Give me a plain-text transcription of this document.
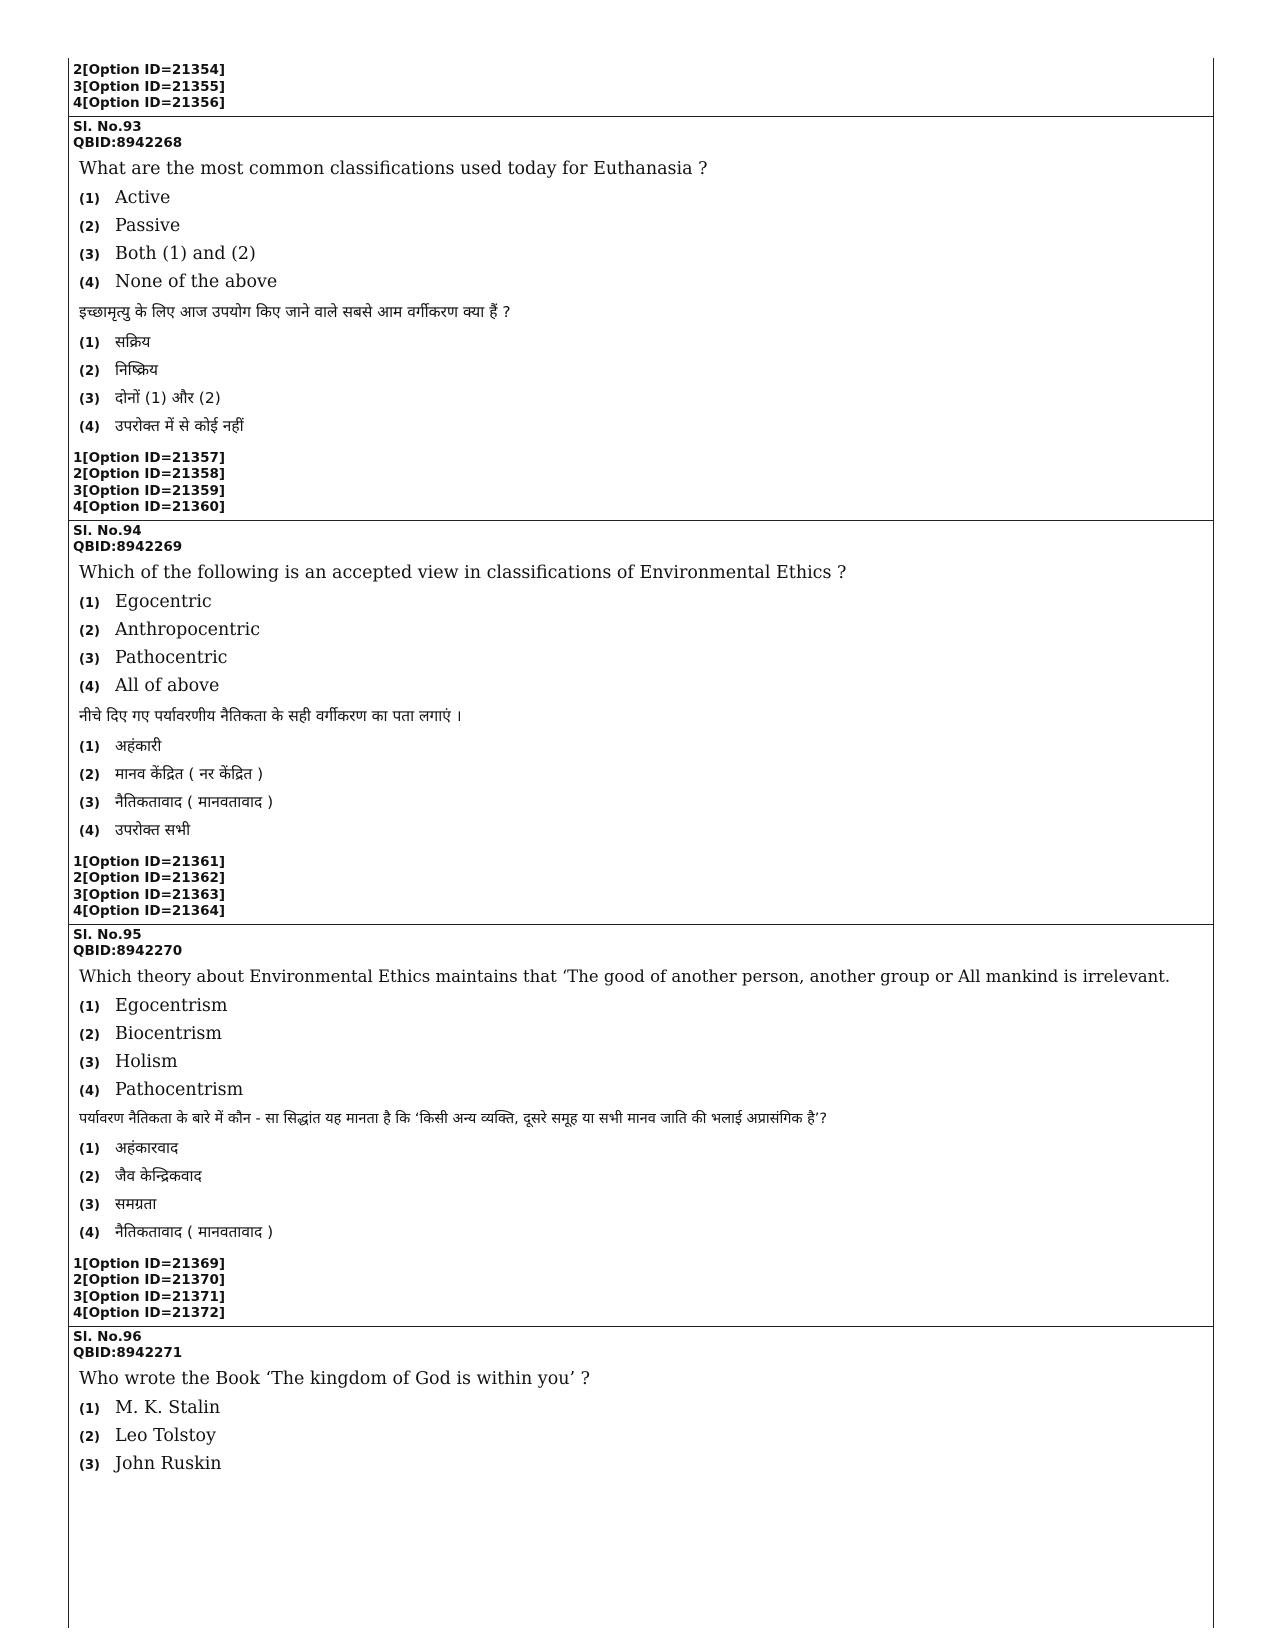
2[Option ID=21354]
3[Option ID=21355]
4[Option ID=21356]
Sl. No.93
QBID:8942268
What are the most common classifications used today for Euthanasia ?
(1) Active
(2) Passive
(3) Both (1) and (2)
(4) None of the above
इच्छामृत्यु के लिए आज उपयोग किए जाने वाले सबसे आम वर्गीकरण क्या हैं ?
(1) सक्रिय
(2) निष्क्रिय
(3) दोनों (1) और (2)
(4) उपरोक्त में से कोई नहीं
1[Option ID=21357]
2[Option ID=21358]
3[Option ID=21359]
4[Option ID=21360]
Sl. No.94
QBID:8942269
Which of the following is an accepted view in classifications of Environmental Ethics ?
(1) Egocentric
(2) Anthropocentric
(3) Pathocentric
(4) All of above
नीचे दिए गए पर्यावरणीय नैतिकता के सही वर्गीकरण का पता लगाएं ।
(1) अहंकारी
(2) मानव केंद्रित ( नर केंद्रित )
(3) नैतिकतावाद ( मानवतावाद )
(4) उपरोक्त सभी
1[Option ID=21361]
2[Option ID=21362]
3[Option ID=21363]
4[Option ID=21364]
Sl. No.95
QBID:8942270
Which theory about Environmental Ethics maintains that ‘The good of another person, another group or All mankind is irrelevant.
(1) Egocentrism
(2) Biocentrism
(3) Holism
(4) Pathocentrism
पर्यावरण नैतिकता के बारे में कौन - सा सिद्धांत यह मानता है कि ‘किसी अन्य व्यक्ति, दूसरे समूह या सभी मानव जाति की भलाई अप्रासंगिक है’?
(1) अहंकारवाद
(2) जैव केन्द्रिकवाद
(3) समग्रता
(4) नैतिकतावाद ( मानवतावाद )
1[Option ID=21369]
2[Option ID=21370]
3[Option ID=21371]
4[Option ID=21372]
Sl. No.96
QBID:8942271
Who wrote the Book ‘The kingdom of God is within you’ ?
(1) M. K. Stalin
(2) Leo Tolstoy
(3) John Ruskin
